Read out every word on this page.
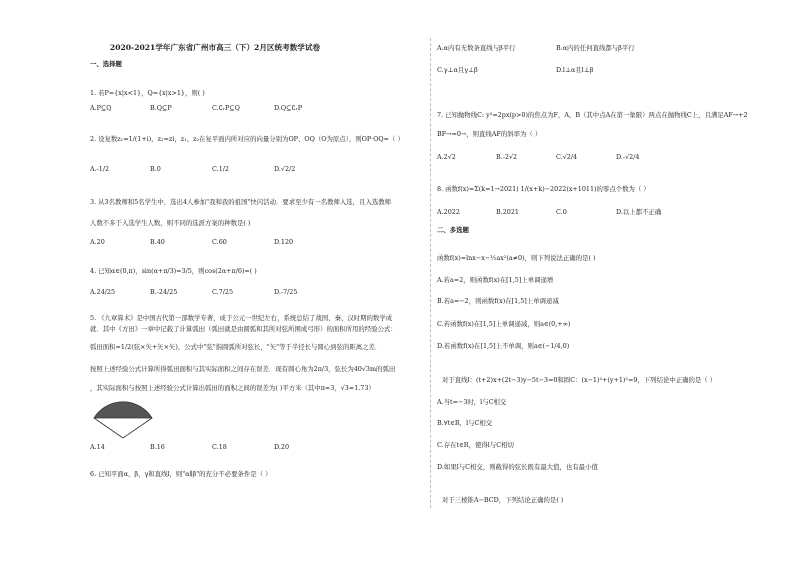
2020-2021学年广东省广州市高三（下）2月区统考数学试卷
一、选择题
1. 若P={x|x<1}，Q={x|x>1}，则( )
A.P⊆Q	B.Q⊆P	C.∁ᵣP⊆Q	D.Q⊆∁ᵣP
2. 设复数z₁=1/(1+i)，z₂=zi，z₁、z₂在复平面内所对应的向量分别为OP、OQ（O为原点），则OP·OQ=（ ）
A.-1/2	B.0	C.1/2	D.√2/2
3. 从3名教师和5名学生中，选出4人参加"我和我的祖国"快闪活动．要求至少有一名教师入选，且入选教师
人数不多于入选学生人数，则不同的选派方案的种数是( )
A.20	B.40	C.60	D.120
4. 已知α∈(0,π)，sin(α+π/3)=3/5，则cos(2α+π/6)=( )
A.24/25	B.-24/25	C.7/25	D.-7/25
5. 《九章算术》是中国古代第一部数学专著，成于公元一世纪左右，系统总结了战国、秦、汉时期的数学成
就．其中《方田》一章中记载了计算弧田（弧田就是由圆弧和其所对弦所围成弓形）的面积所用的经验公式：
弧田面积=1/2(弦×矢+矢×矢)，公式中"弦"指圆弧所对弦长，"矢"等于半径长与圆心到弦的距离之差．
按照上述经验公式计算所得弧田面积与其实际面积之间存在误差．现有圆心角为2π/3，弦长为40√3m的弧田
，其实际面积与按照上述经验公式计算出弧田的面积之间的误差为( )平方米（其中π≈3，√3≈1.73）
A.14	B.16	C.18	D.20
6. 已知平面α，β，γ和直线l，则"α∥β"的充分不必要条件是（ ）
A.α内有无数条直线与β平行	B.α内的任何直线都与β平行
C.γ⊥α且γ⊥β	D.l⊥α且l⊥β
7. 已知抛物线C: y²=2px(p>0)的焦点为F，A，B（其中点A在第一象限）两点在抛物线C上，且满足AF→+2
BF→=0→，则直线AF的斜率为（ ）
A.2√2	B.-2√2	C.√2/4	D.-√2/4
8. 函数f(x)=Σ(k=1→2021) 1/(x+k)−2022(x+1011)的零点个数为（ ）
A.2022	B.2021	C.0	D.以上都不正确
二、多选题
函数f(x)=lnx−x−½ax²(a≠0)，则下列说法正确的是( )
A.若a=2，则函数f(x)在[1,5]上单调递增
B.若a=−2，则函数f(x)在[1,5]上单调递减
C.若函数f(x)在[1,5]上单调递减，则a∈(0,+∞)
D.若函数f(x)在[1,5]上不单调，则a∈(−1/4,0)
对于直线l：(t+2)x+(2t−3)y−5t−3=0和圆C：(x−1)²+(y+1)²=9，下列结论中正确的是（ ）
A.当t=−3时，l与C相交
B.∀t∈R，l与C相交
C.存在t∈R，使得l与C相切
D.如果l与C相交，则截得的弦长既有最大值，也有最小值
对于三棱锥A−BCD，下列结论正确的是( )
